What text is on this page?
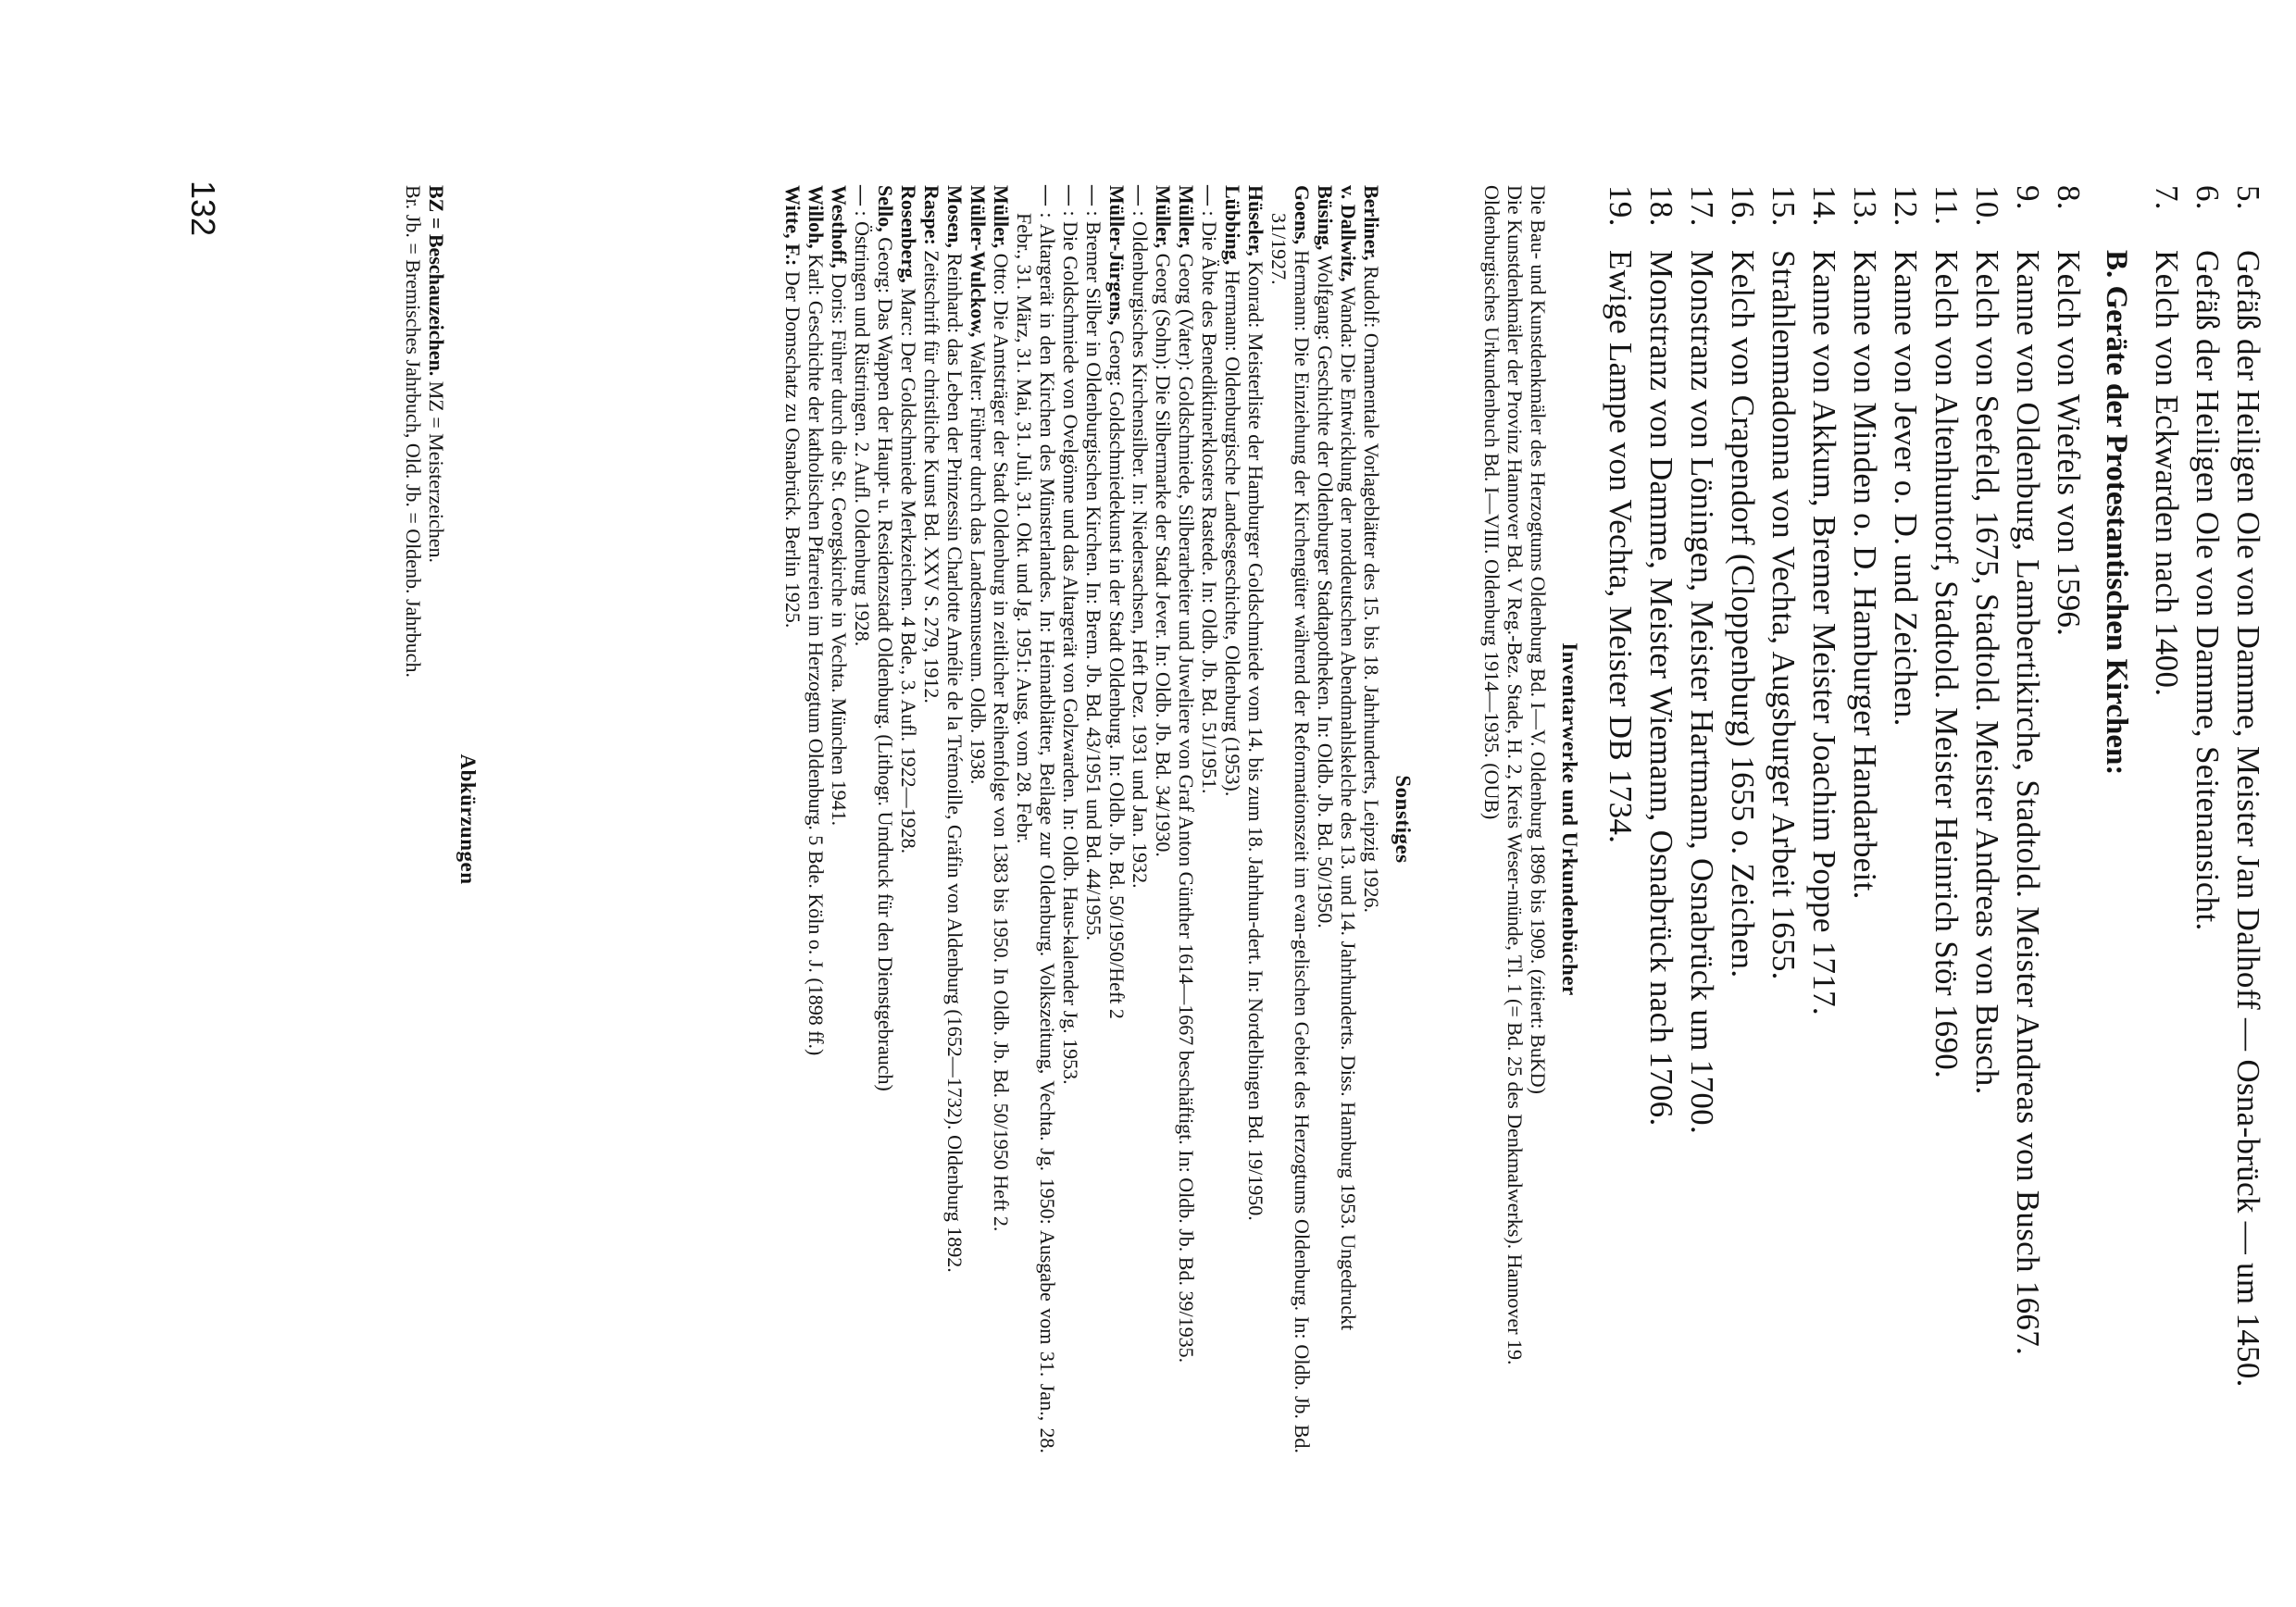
5.
Gefäß der Heiligen Ole von Damme, Meister Jan Dalhoff — Osna-brück — um 1450.
6.
Gefäß der Heiligen Ole von Damme, Seitenansicht.
7.
Kelch von Eckwarden nach 1400.
B. Geräte der Protestantischen Kirchen:
8.
Kelch von Wiefels von 1596.
9.
Kanne von Oldenburg, Lambertikirche, Stadtold. Meister Andreas von Busch 1667.
10.
Kelch von Seefeld, 1675, Stadtold. Meister Andreas von Busch.
11.
Kelch von Altenhuntorf, Stadtold. Meister Heinrich Stör 1690.
12.
Kanne von Jever o. D. und Zeichen.
13.
Kanne von Minden o. D. Hamburger Handarbeit.
14.
Kanne von Akkum, Bremer Meister Joachim Poppe 1717.
15.
Strahlenmadonna von Vechta, Augsburger Arbeit 1655.
16.
Kelch von Crapendorf (Cloppenburg) 1655 o. Zeichen.
17.
Monstranz von Löningen, Meister Hartmann, Osnabrück um 1700.
18.
Monstranz von Damme, Meister Wiemann, Osnabrück nach 1706.
19.
Ewige Lampe von Vechta, Meister DB 1734.
Inventarwerke und Urkundenbücher
Die Bau- und Kunstdenkmäler des Herzogtums Oldenburg Bd. I—V. Oldenburg 1896 bis 1909. (zitiert: BuKD)
Die Kunstdenkmäler der Provinz Hannover Bd. V Reg.-Bez. Stade, H. 2, Kreis Weser-münde, Tl. 1 (= Bd. 25 des Denkmalwerks). Hannover 19.
Oldenburgisches Urkundenbuch Bd. I—VIII. Oldenburg 1914—1935. (OUB)
Sonstiges
Berliner, Rudolf: Ornamentale Vorlageblätter des 15. bis 18. Jahrhunderts, Leipzig 1926.
v. Dallwitz, Wanda: Die Entwicklung der norddeutschen Abendmahlskelche des 13. und 14. Jahrhunderts. Diss. Hamburg 1953. Ungedruckt
Büsing, Wolfgang: Geschichte der Oldenburger Stadtapotheken. In: Oldb. Jb. Bd. 50/1950.
Goens, Hermann: Die Einziehung der Kirchengüter während der Reformationszeit im evan-gelischen Gebiet des Herzogtums Oldenburg. In: Oldb. Jb. Bd. 31/1927.
Hüseler, Konrad: Meisterliste der Hamburger Goldschmiede vom 14. bis zum 18. Jahrhun-dert. In: Nordelbingen Bd. 19/1950.
Lübbing, Hermann: Oldenburgische Landesgeschichte, Oldenburg (1953).
— : Die Äbte des Benediktinerklosters Rastede. In: Oldb. Jb. Bd. 51/1951.
Müller, Georg (Vater): Goldschmiede, Silberarbeiter und Juweliere von Graf Anton Günther 1614—1667 beschäftigt. In: Oldb. Jb. Bd. 39/1935.
Müller, Georg (Sohn): Die Silbermarke der Stadt Jever. In: Oldb. Jb. Bd. 34/1930.
— : Oldenburgisches Kirchensilber. In: Niedersachsen, Heft Dez. 1931 und Jan. 1932.
Müller-Jürgens, Georg: Goldschmiedekunst in der Stadt Oldenburg. In: Oldb. Jb. Bd. 50/1950/Heft 2
— : Bremer Silber in Oldenburgischen Kirchen. In: Brem. Jb. Bd. 43/1951 und Bd. 44/1955.
— : Die Goldschmiede von Ovelgönne und das Altargerät von Golzwarden. In: Oldb. Haus-kalender Jg. 1953.
— : Altargerät in den Kirchen des Münsterlandes. In: Heimatblätter, Beilage zur Oldenburg. Volkszeitung, Vechta. Jg. 1950: Ausgabe vom 31. Jan., 28. Febr., 31. März, 31. Mai, 31. Juli, 31. Okt. und Jg. 1951: Ausg. vom 28. Febr.
Müller, Otto: Die Amtsträger der Stadt Oldenburg in zeitlicher Reihenfolge von 1383 bis 1950. In Oldb. Jb. Bd. 50/1950 Heft 2.
Müller-Wulckow, Walter: Führer durch das Landesmuseum. Oldb. 1938.
Mosen, Reinhard: das Leben der Prinzessin Charlotte Amélie de la Trémoille, Gräfin von Aldenburg (1652—1732). Oldenburg 1892.
Raspe: Zeitschrift für christliche Kunst Bd. XXV S. 279, 1912.
Rosenberg, Marc: Der Goldschmiede Merkzeichen. 4 Bde., 3. Aufl. 1922—1928.
Sello, Georg: Das Wappen der Haupt- u. Residenzstadt Oldenburg. (Lithogr. Umdruck für den Dienstgebrauch)
— : Östringen und Rüstringen. 2. Aufl. Oldenburg 1928.
Westhoff, Doris: Führer durch die St. Georgskirche in Vechta. München 1941.
Willoh, Karl: Geschichte der katholischen Pfarreien im Herzogtum Oldenburg. 5 Bde. Köln o. J. (1898 ff.)
Witte, F.: Der Domschatz zu Osnabrück. Berlin 1925.
Abkürzungen
BZ = Beschauzeichen. MZ = Meisterzeichen.
Br. Jb. = Bremisches Jahrbuch, Old. Jb. = Oldenb. Jahrbuch.
132
